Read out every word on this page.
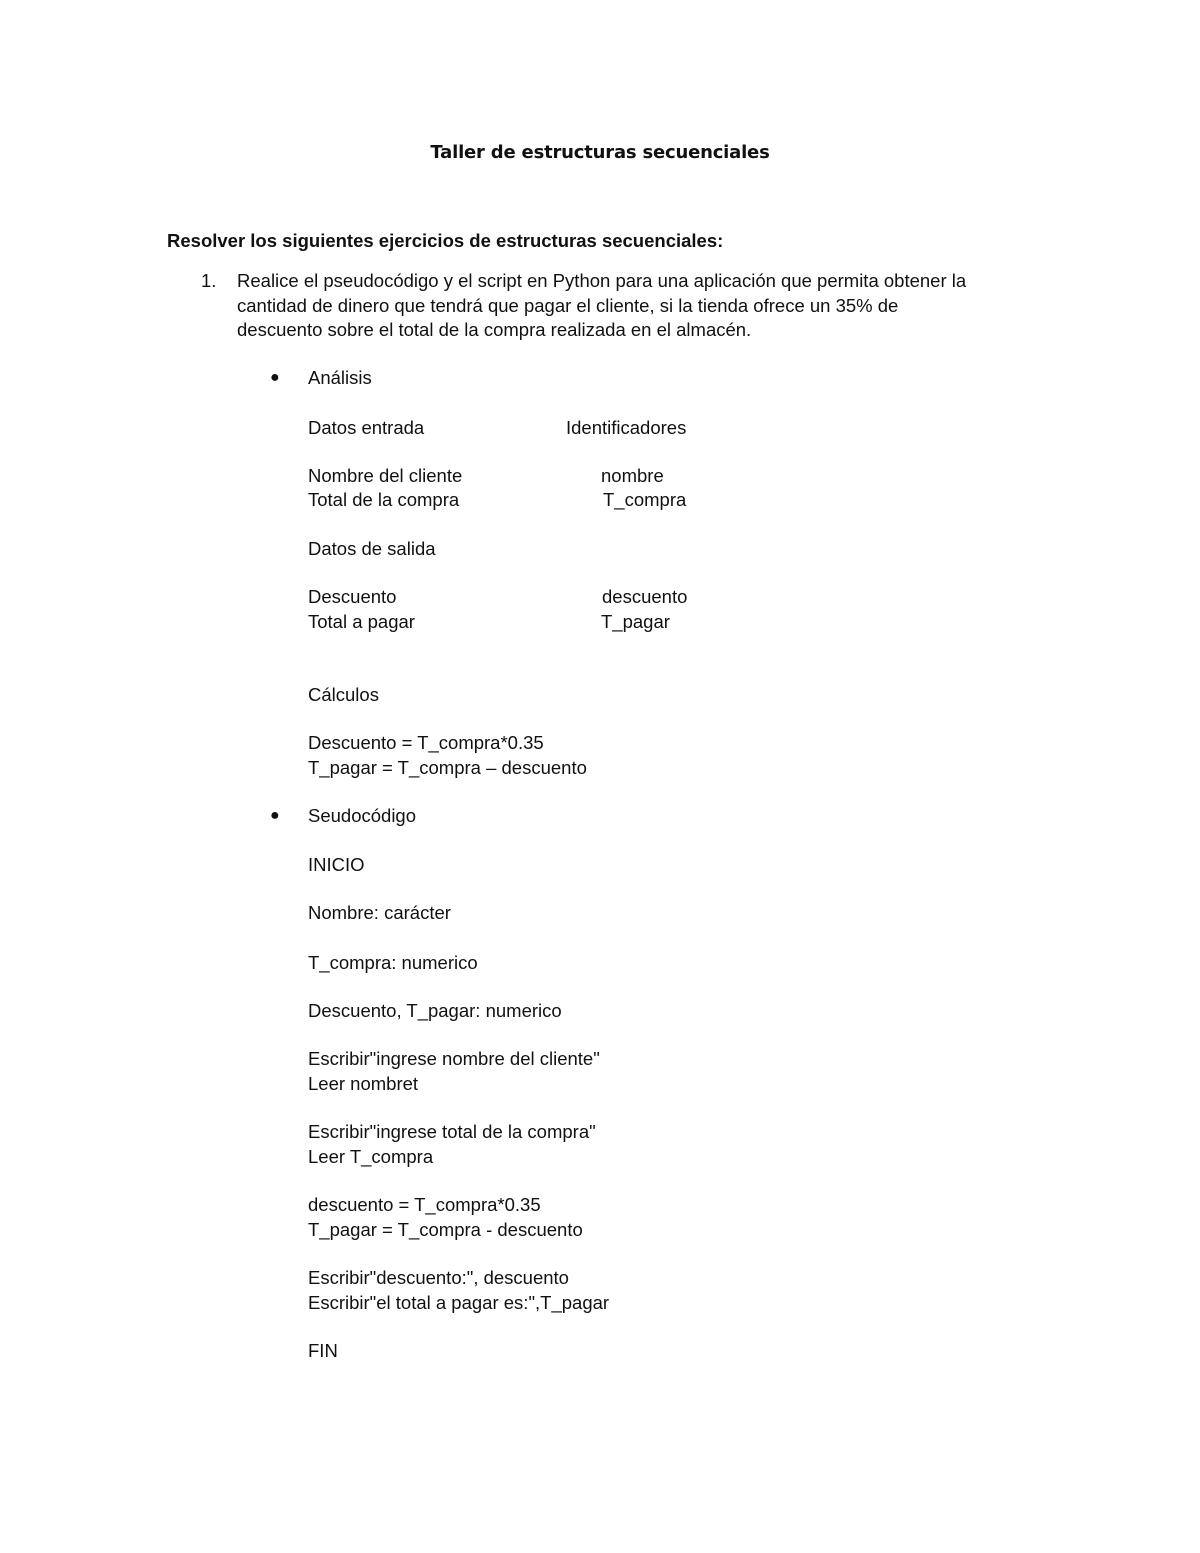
Taller de estructuras secuenciales
Resolver los siguientes ejercicios de estructuras secuenciales:
1. Realice el pseudocódigo y el script en Python para una aplicación que permita obtener la
cantidad de dinero que tendrá que pagar el cliente, si la tienda ofrece un 35% de
descuento sobre el total de la compra realizada en el almacén.
● Análisis
Datos entrada	Identificadores
Nombre del cliente	nombre
Total de la compra	T_compra
Datos de salida
Descuento	descuento
Total a pagar	T_pagar
Cálculos
Descuento = T_compra*0.35
T_pagar = T_compra – descuento
● Seudocódigo
INICIO
Nombre: carácter
T_compra: numerico
Descuento, T_pagar: numerico
Escribir"ingrese nombre del cliente"
Leer nombret
Escribir"ingrese total de la compra"
Leer T_compra
descuento = T_compra*0.35
T_pagar = T_compra - descuento
Escribir"descuento:", descuento
Escribir"el total a pagar es:",T_pagar
FIN
